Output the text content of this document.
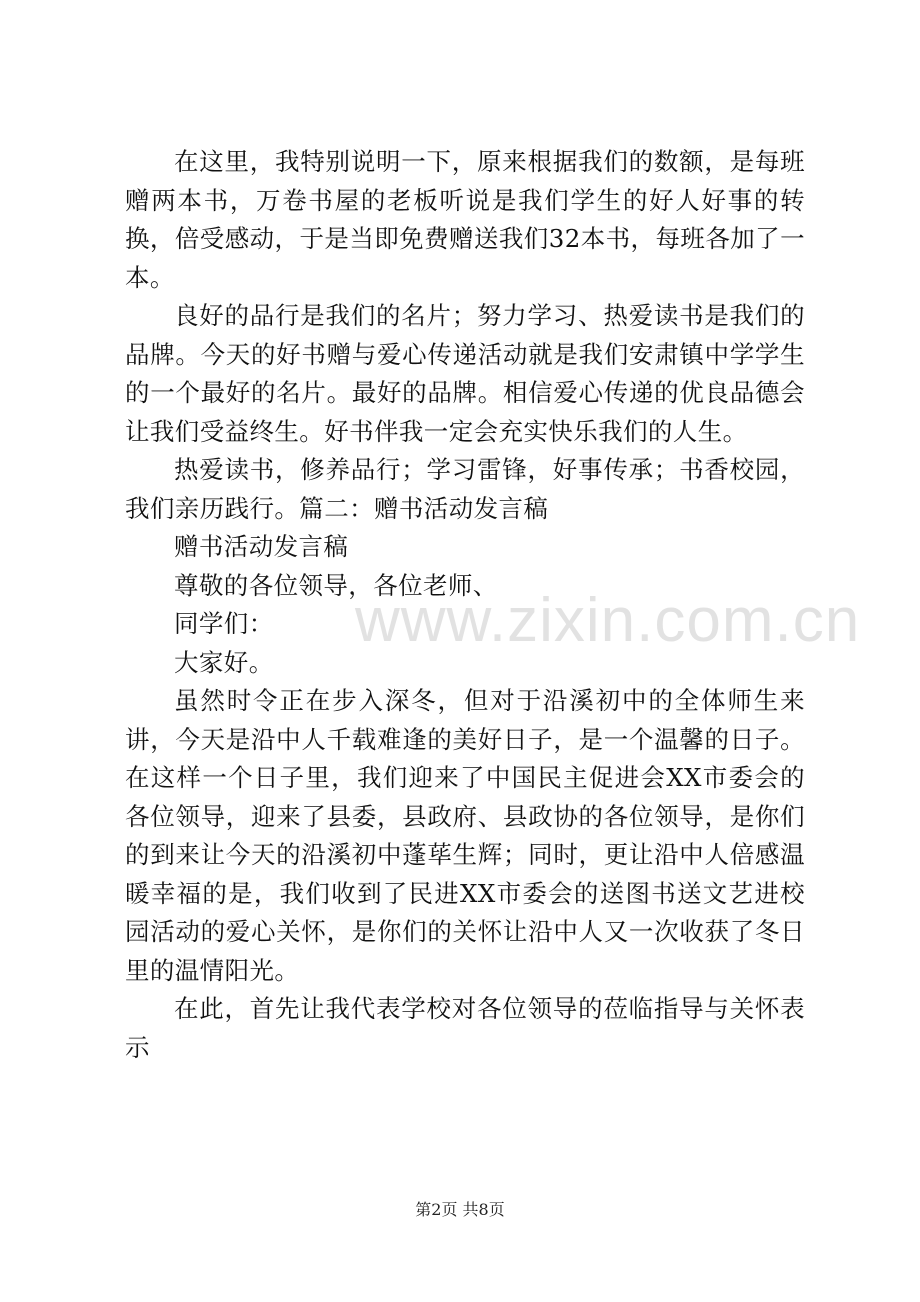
www.zixin.com.cn

在这里，我特别说明一下，原来根据我们的数额，是每班赠两本书，万卷书屋的老板听说是我们学生的好人好事的转换，倍受感动，于是当即免费赠送我们32本书，每班各加了一本。

良好的品行是我们的名片；努力学习、热爱读书是我们的品牌。今天的好书赠与爱心传递活动就是我们安肃镇中学学生的一个最好的名片。最好的品牌。相信爱心传递的优良品德会让我们受益终生。好书伴我一定会充实快乐我们的人生。

热爱读书，修养品行；学习雷锋，好事传承；书香校园，我们亲历践行。篇二：赠书活动发言稿

赠书活动发言稿

尊敬的各位领导，各位老师、

同学们：

大家好。

虽然时令正在步入深冬，但对于沿溪初中的全体师生来讲，今天是沿中人千载难逢的美好日子，是一个温馨的日子。在这样一个日子里，我们迎来了中国民主促进会XX市委会的各位领导，迎来了县委，县政府、县政协的各位领导，是你们的到来让今天的沿溪初中蓬荜生辉；同时，更让沿中人倍感温暖幸福的是，我们收到了民进XX市委会的送图书送文艺进校园活动的爱心关怀，是你们的关怀让沿中人又一次收获了冬日里的温情阳光。

在此，首先让我代表学校对各位领导的莅临指导与关怀表示

第2页 共8页
